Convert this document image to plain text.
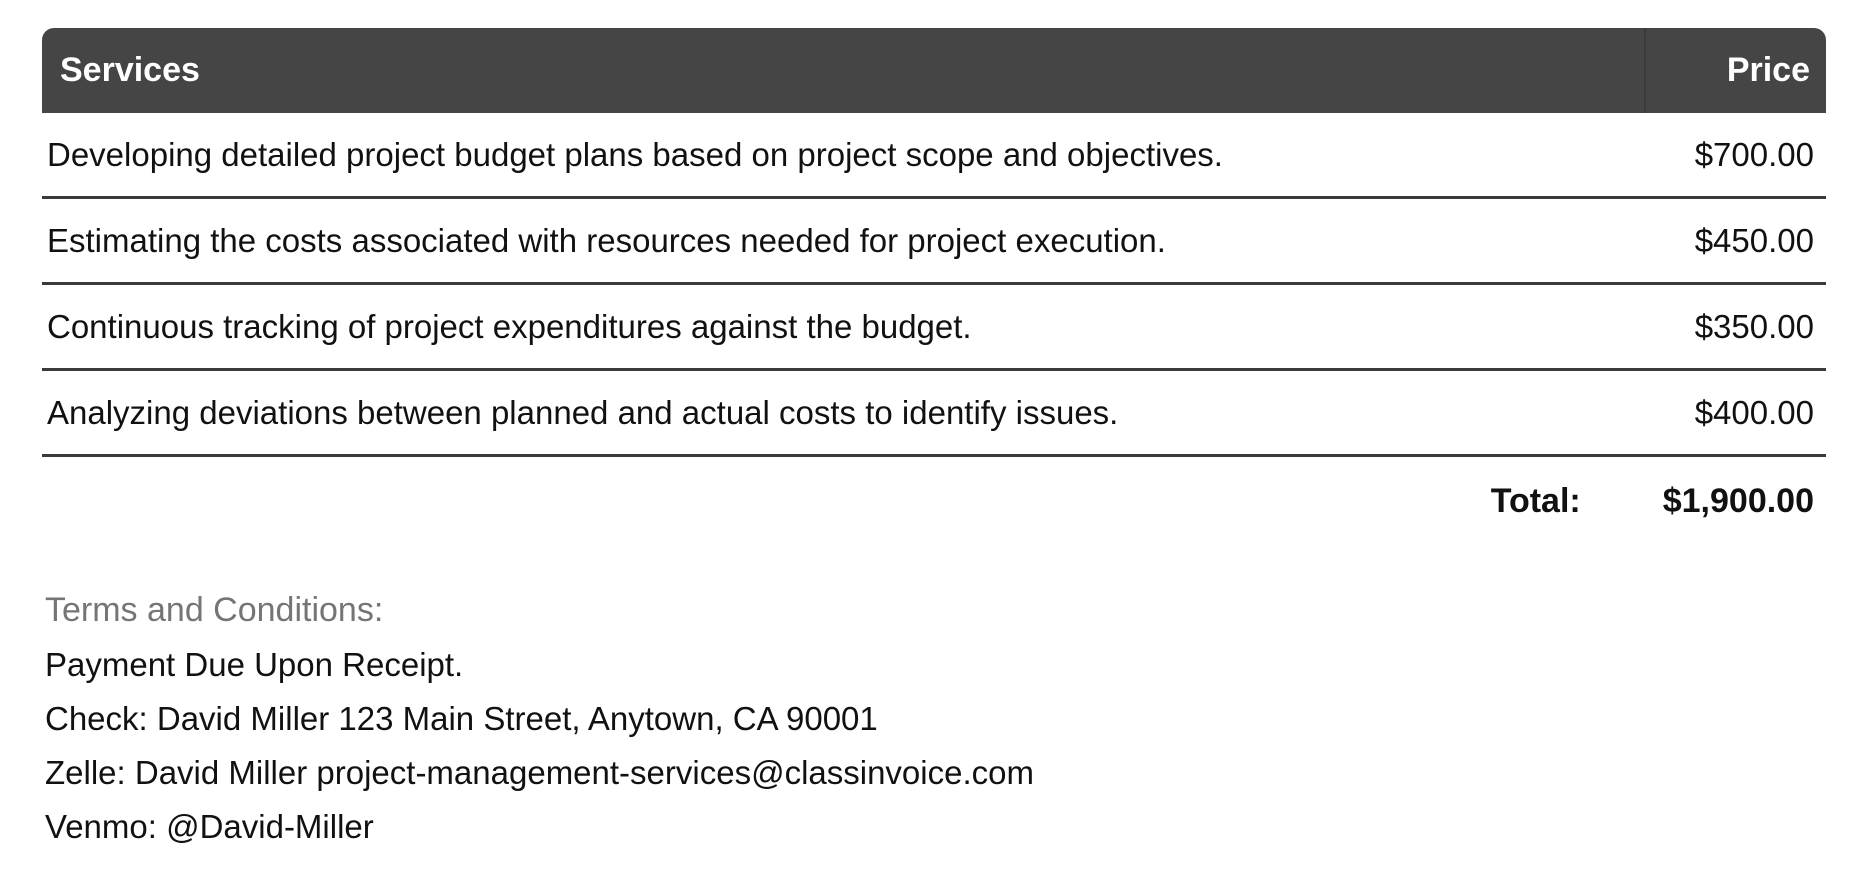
Services	Price
Developing detailed project budget plans based on project scope and objectives.	$700.00
Estimating the costs associated with resources needed for project execution.	$450.00
Continuous tracking of project expenditures against the budget.	$350.00
Analyzing deviations between planned and actual costs to identify issues.	$400.00
Total: $1,900.00
Terms and Conditions:
Payment Due Upon Receipt.
Check: David Miller 123 Main Street, Anytown, CA 90001
Zelle: David Miller project-management-services@classinvoice.com
Venmo: @David-Miller
